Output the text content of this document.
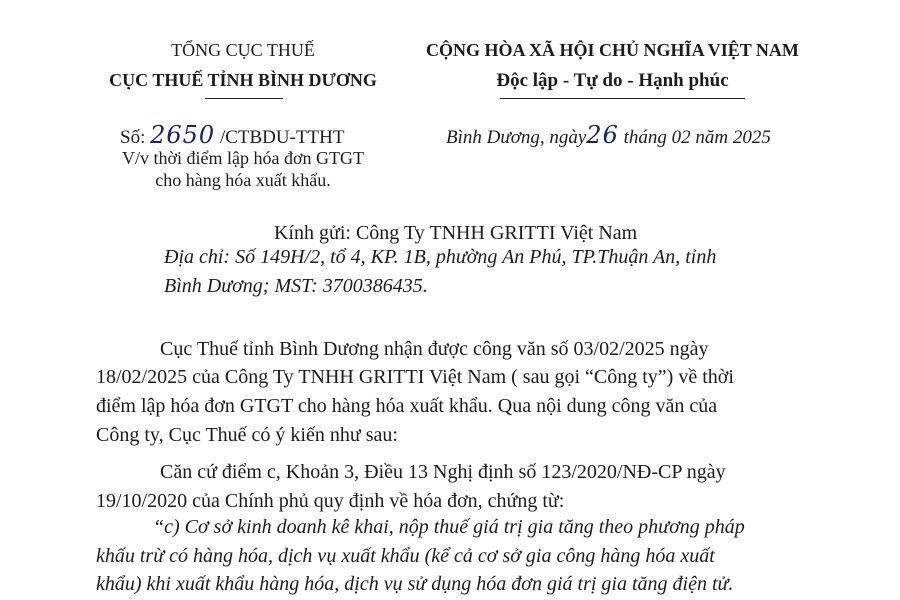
TỔNG CỤC THUẾ
CỤC THUẾ TỈNH BÌNH DƯƠNG
Số: 2650 /CTBDU-TTHT
V/v thời điểm lập hóa đơn GTGT
cho hàng hóa xuất khẩu.
CỘNG HÒA XÃ HỘI CHỦ NGHĨA VIỆT NAM
Độc lập - Tự do - Hạnh phúc
Bình Dương, ngày26 tháng 02 năm 2025
Kính gửi: Công Ty TNHH GRITTI Việt Nam
Địa chỉ: Số 149H/2, tổ 4, KP. 1B, phường An Phú, TP.Thuận An, tỉnh
Bình Dương; MST: 3700386435.
Cục Thuế tỉnh Bình Dương nhận được công văn số 03/02/2025 ngày
18/02/2025 của Công Ty TNHH GRITTI Việt Nam ( sau gọi “Công ty”) về thời
điểm lập hóa đơn GTGT cho hàng hóa xuất khẩu. Qua nội dung công văn của
Công ty, Cục Thuế có ý kiến như sau:
Căn cứ điểm c, Khoản 3, Điều 13 Nghị định số 123/2020/NĐ-CP ngày
19/10/2020 của Chính phủ quy định về hóa đơn, chứng từ:
“c) Cơ sở kinh doanh kê khai, nộp thuế giá trị gia tăng theo phương pháp
khấu trừ có hàng hóa, dịch vụ xuất khẩu (kể cả cơ sở gia công hàng hóa xuất
khẩu) khi xuất khẩu hàng hóa, dịch vụ sử dụng hóa đơn giá trị gia tăng điện tử.
